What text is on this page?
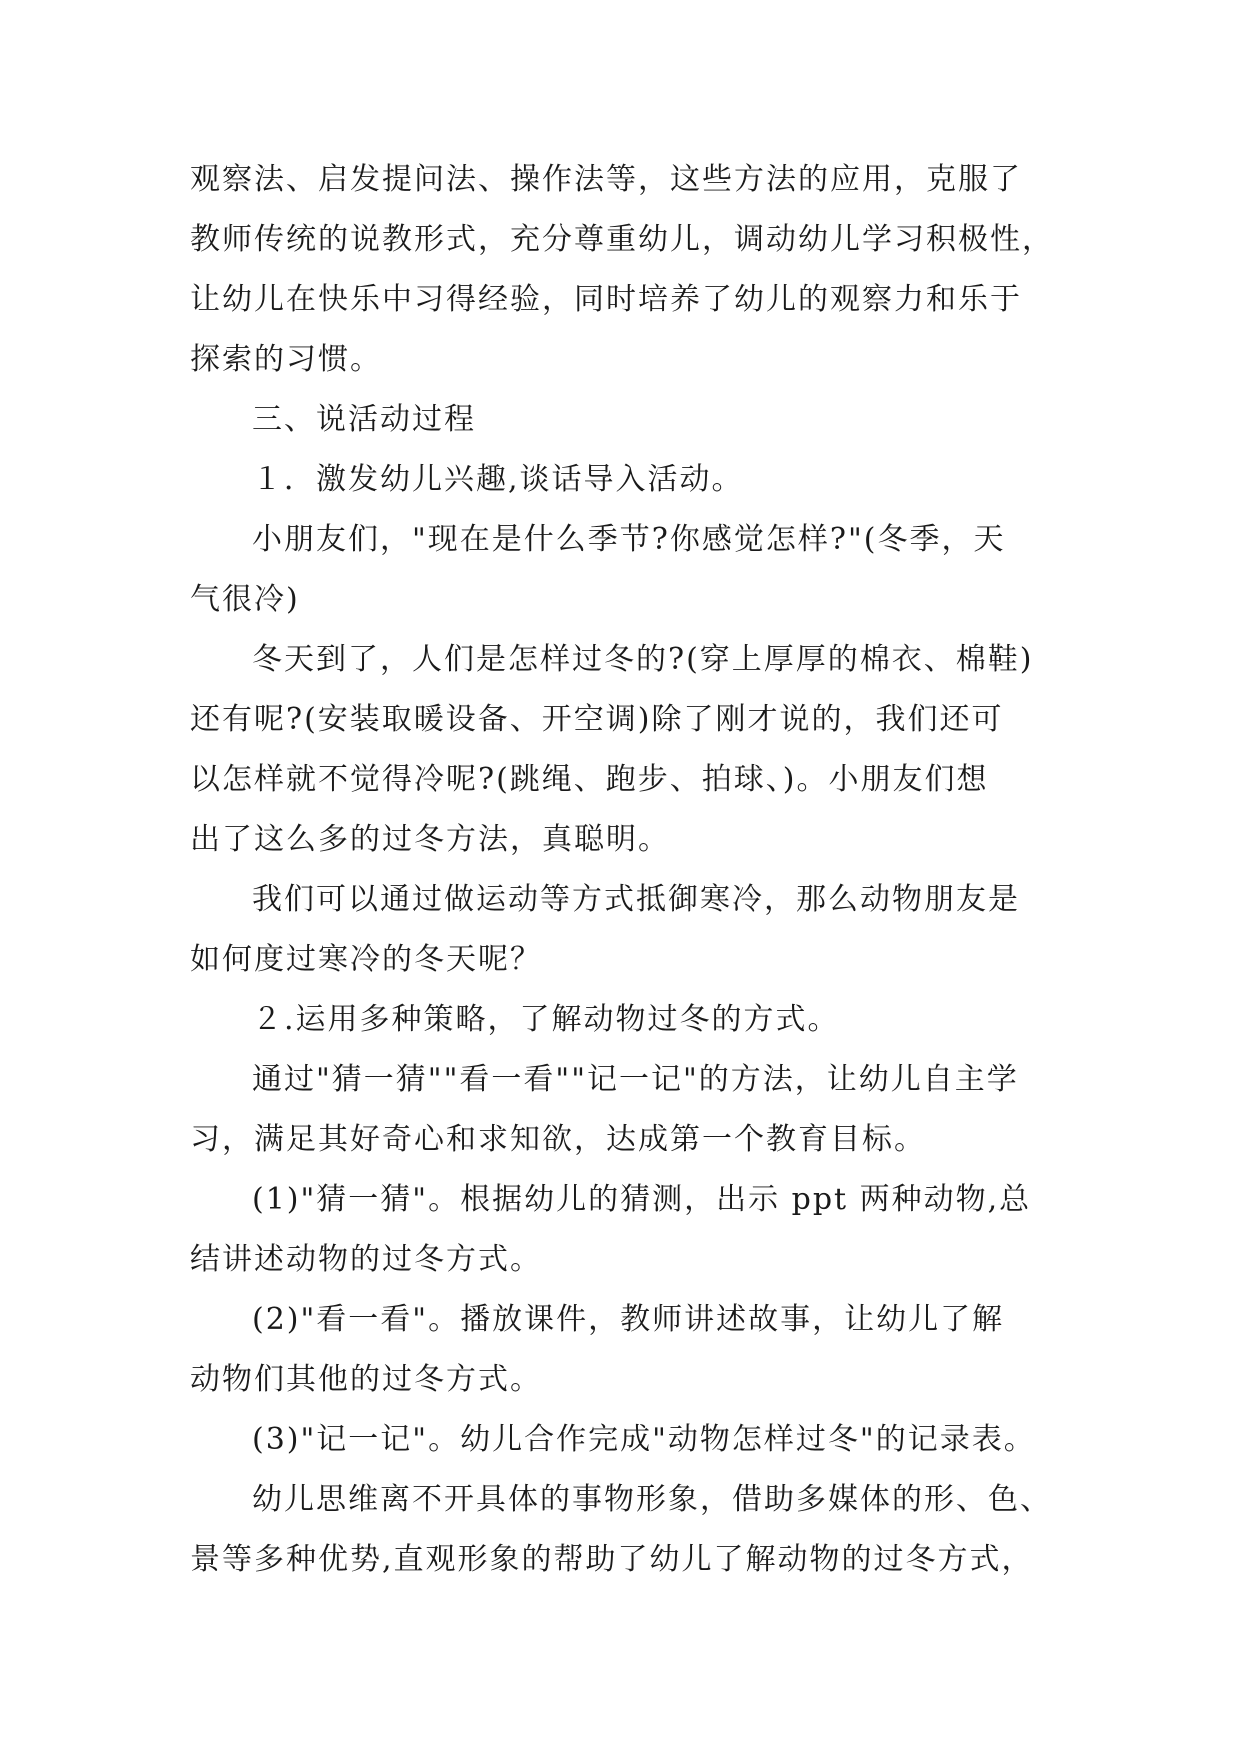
观察法、启发提问法、操作法等，这些方法的应用，克服了
教师传统的说教形式，充分尊重幼儿，调动幼儿学习积极性，
让幼儿在快乐中习得经验，同时培养了幼儿的观察力和乐于
探索的习惯。
三、说活动过程
１．激发幼儿兴趣,谈话导入活动。
小朋友们，"现在是什么季节?你感觉怎样?"(冬季，天
气很冷)
冬天到了，人们是怎样过冬的?(穿上厚厚的棉衣、棉鞋)
还有呢?(安装取暖设备、开空调)除了刚才说的，我们还可
以怎样就不觉得冷呢?(跳绳、跑步、拍球、)。小朋友们想
出了这么多的过冬方法，真聪明。
我们可以通过做运动等方式抵御寒冷，那么动物朋友是
如何度过寒冷的冬天呢？
２.运用多种策略，了解动物过冬的方式。
通过"猜一猜""看一看""记一记"的方法，让幼儿自主学
习，满足其好奇心和求知欲，达成第一个教育目标。
(1)"猜一猜"。根据幼儿的猜测，出示 ppt 两种动物,总
结讲述动物的过冬方式。
(2)"看一看"。播放课件，教师讲述故事，让幼儿了解
动物们其他的过冬方式。
(3)"记一记"。幼儿合作完成"动物怎样过冬"的记录表。
幼儿思维离不开具体的事物形象，借助多媒体的形、色、
景等多种优势,直观形象的帮助了幼儿了解动物的过冬方式，
